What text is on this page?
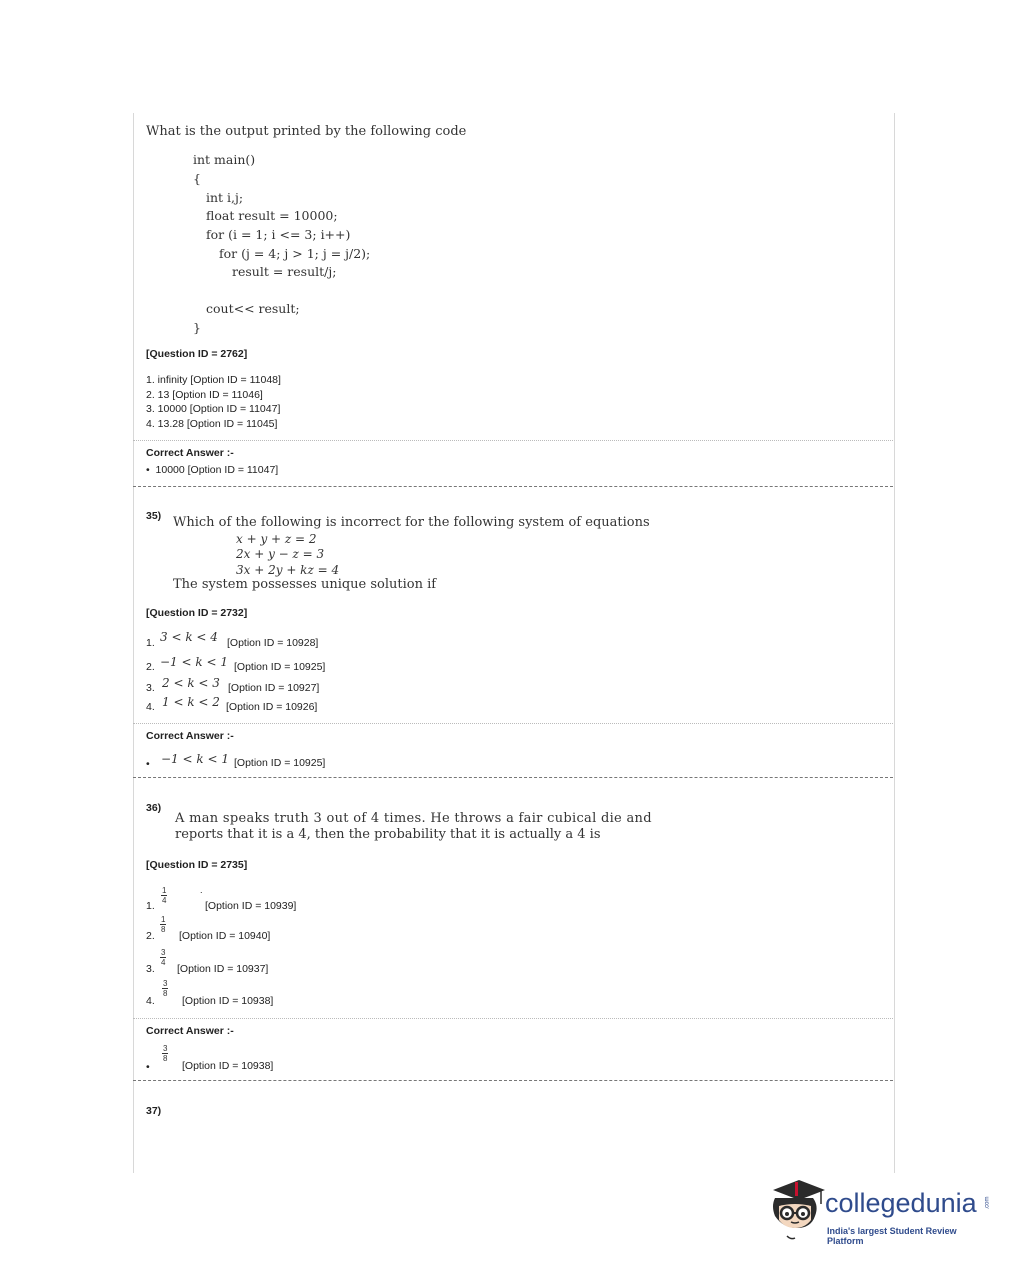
What is the output printed by the following code
int main()
{
int i,j;
float result = 10000;
for (i = 1; i <= 3; i++)
for (j = 4; j > 1; j = j/2);
result = result/j;
cout<< result;
}
[Question ID = 2762]
1. infinity [Option ID = 11048]
2. 13 [Option ID = 11046]
3. 10000 [Option ID = 11047]
4. 13.28 [Option ID = 11045]
Correct Answer :-
•  10000 [Option ID = 11047]
35) Which of the following is incorrect for the following system of equations
x + y + z = 2
2x + y − z = 3
3x + 2y + kz = 4
The system possesses unique solution if
[Question ID = 2732]
1. 3 < k < 4 [Option ID = 10928]
2. −1 < k < 1 [Option ID = 10925]
3. 2 < k < 3 [Option ID = 10927]
4. 1 < k < 2 [Option ID = 10926]
Correct Answer :-
• −1 < k < 1 [Option ID = 10925]
36)
A man speaks truth 3 out of 4 times. He throws a fair cubical die and
reports that it is a 4, then the probability that it is actually a 4 is
[Question ID = 2735]
1.
$\frac{1}{4}$	.
[Option ID = 10939]
2.
$\frac{1}{8}$
[Option ID = 10940]
3.
$\frac{3}{4}$
[Option ID = 10937]
4.
$\frac{3}{8}$
[Option ID = 10938]
Correct Answer :-
•
$\frac{3}{8}$
[Option ID = 10938]
37)
collegedunia .com
India's largest Student Review Platform
